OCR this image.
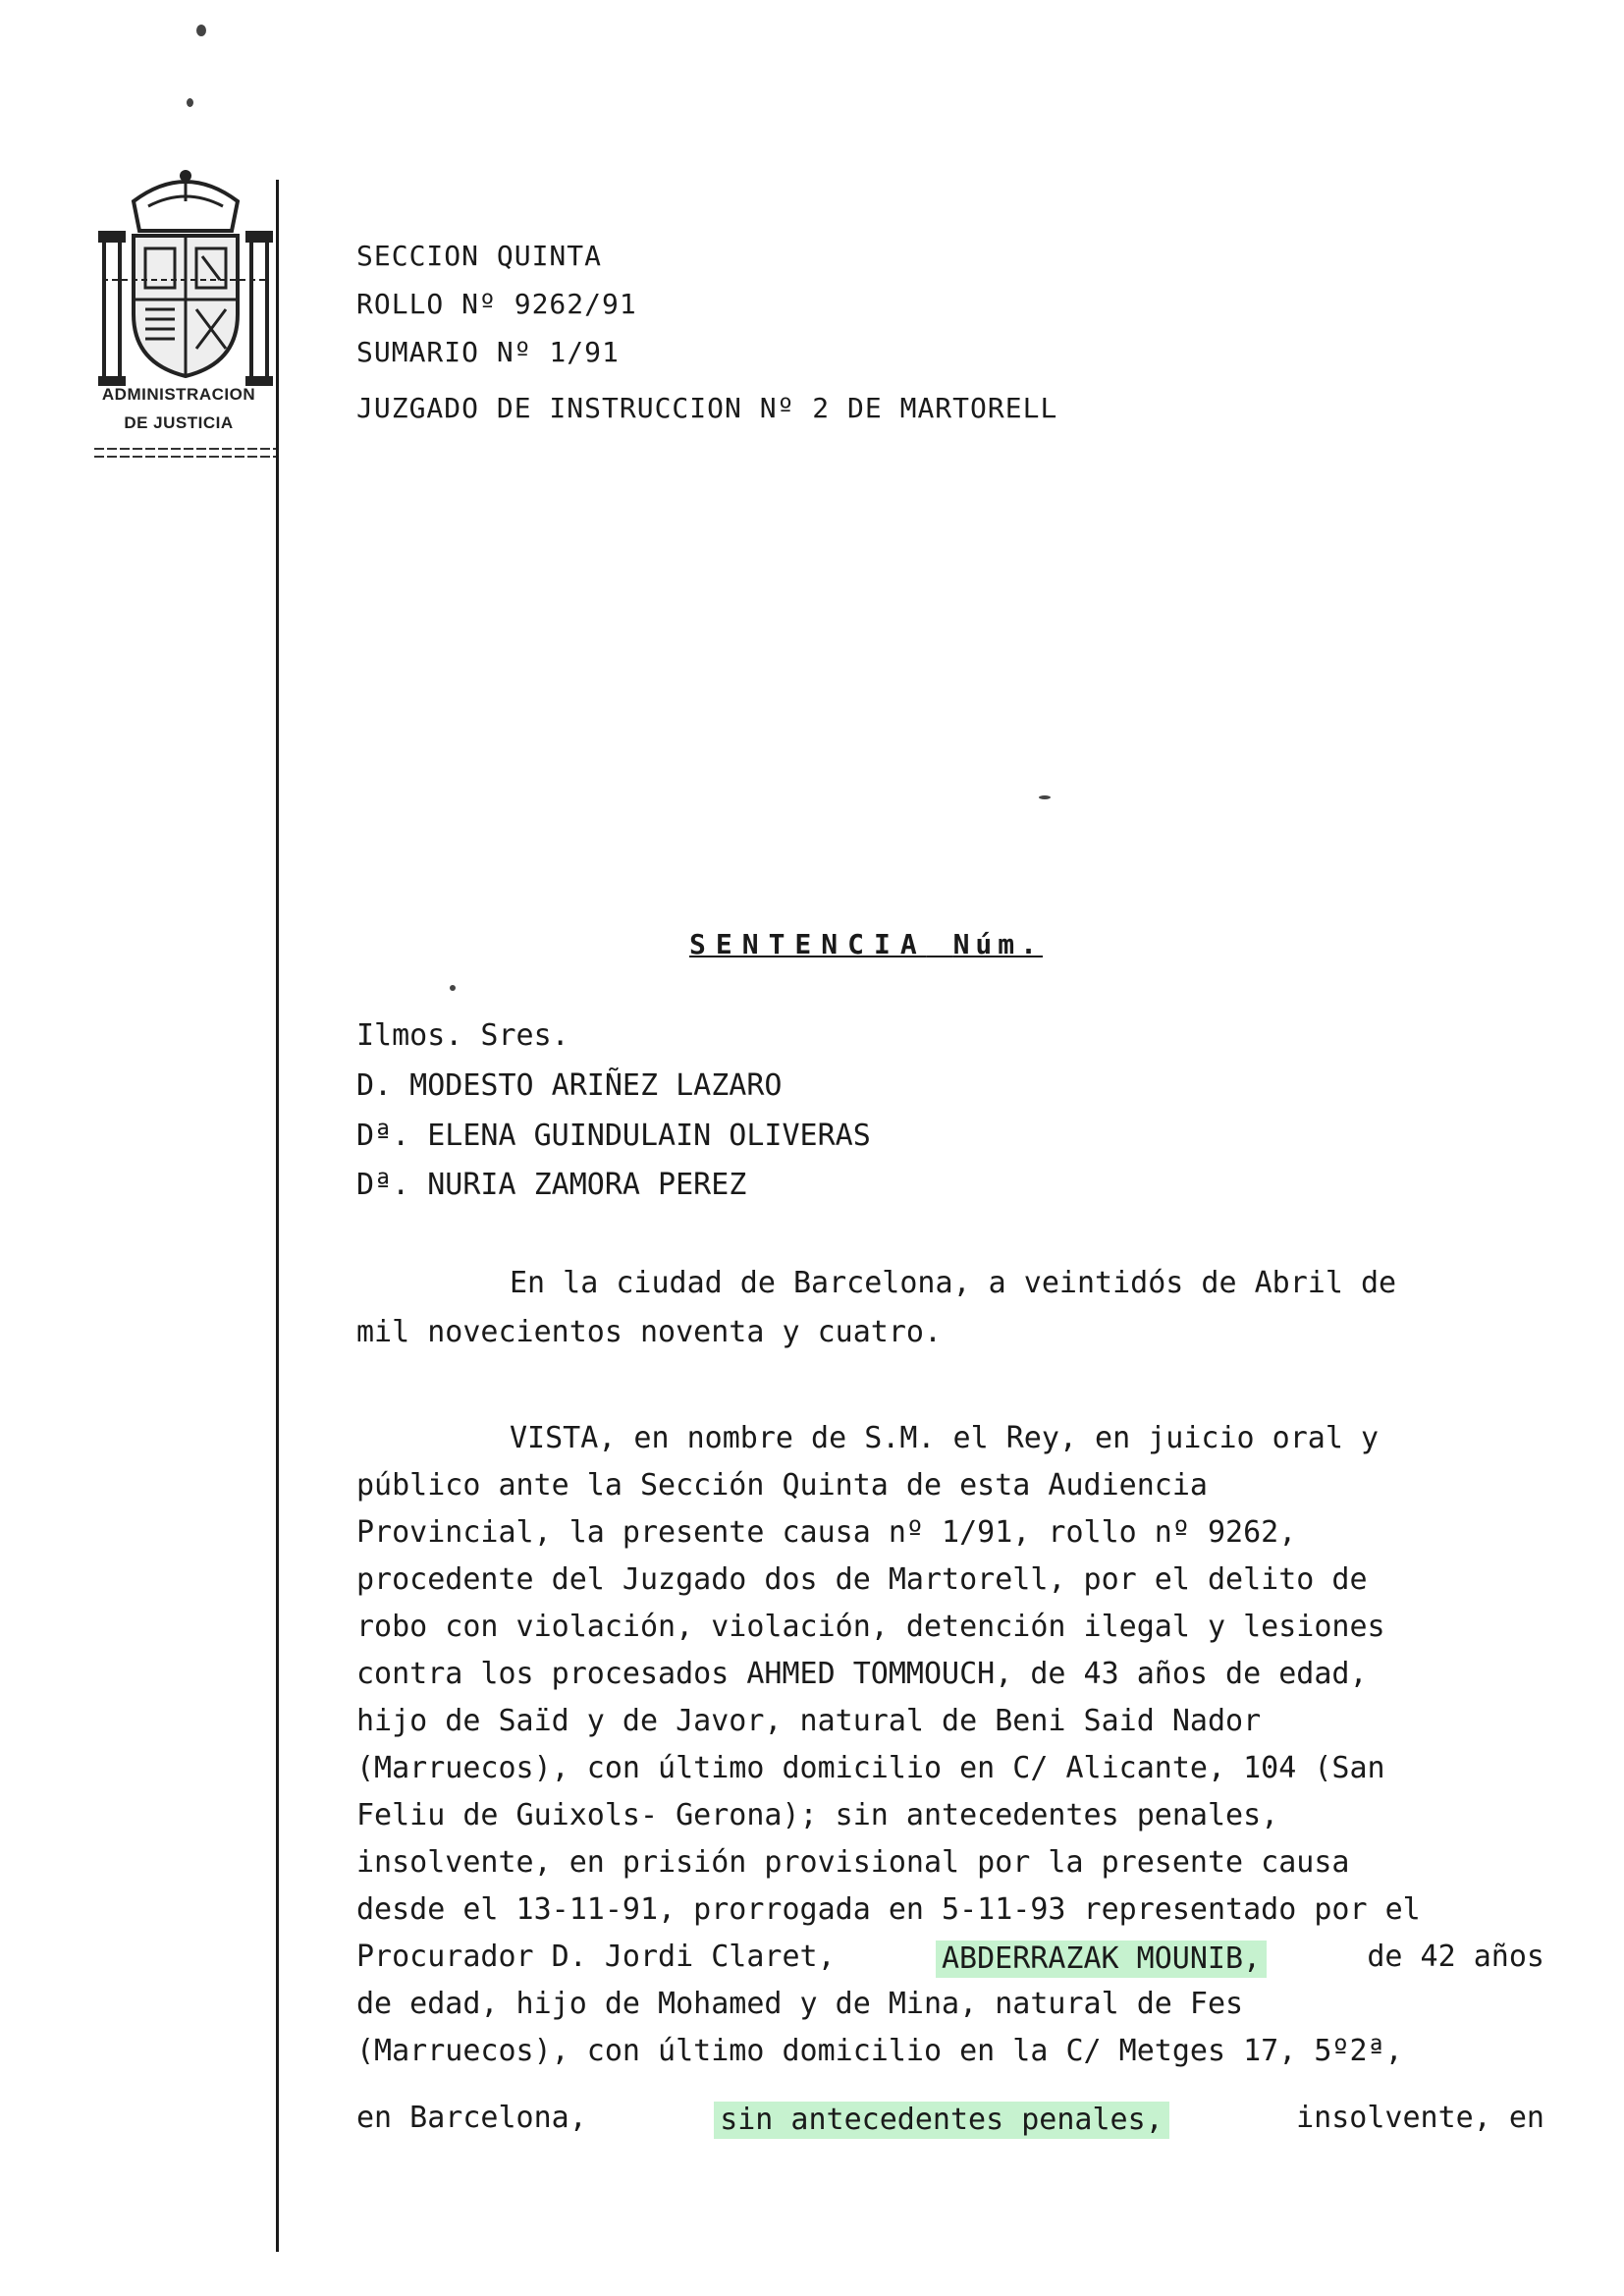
ADMINISTRACION
DE JUSTICIA
SECCION QUINTA
ROLLO Nº 9262/91
SUMARIO Nº 1/91
JUZGADO DE INSTRUCCION Nº 2 DE MARTORELL
SENTENCIA Núm.
Ilmos. Sres.
D. MODESTO ARIÑEZ LAZARO
Dª. ELENA GUINDULAIN OLIVERAS
Dª. NURIA ZAMORA PEREZ
En la ciudad de Barcelona, a veintidós de Abril de
mil novecientos noventa y cuatro.
VISTA, en nombre de S.M. el Rey, en juicio oral y
público ante la Sección Quinta de esta Audiencia
Provincial, la presente causa nº 1/91, rollo nº 9262,
procedente del Juzgado dos de Martorell, por el delito de
robo con violación, violación, detención ilegal y lesiones
contra los procesados AHMED TOMMOUCH, de 43 años de edad,
hijo de Saïd y de Javor, natural de Beni Said Nador
(Marruecos), con último domicilio en C/ Alicante, 104 (San
Feliu de Guixols- Gerona); sin antecedentes penales,
insolvente, en prisión provisional por la presente causa
desde el 13-11-91, prorrogada en 5-11-93 representado por el
Procurador D. Jordi Claret,	ABDERRAZAK MOUNIB,	de 42 años
de edad, hijo de Mohamed y de Mina, natural de Fes
(Marruecos), con último domicilio en la C/ Metges 17, 5º2ª,
en Barcelona,	sin antecedentes penales,	insolvente, en
